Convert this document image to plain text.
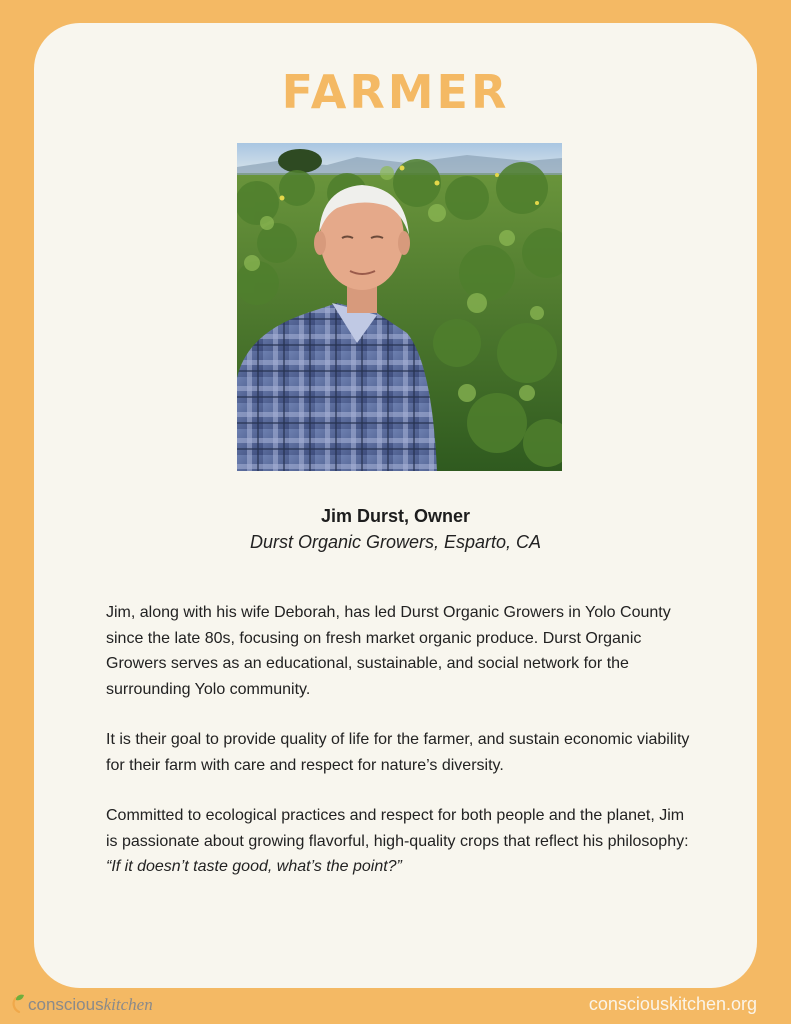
FARMER
Jim Durst, Owner
Durst Organic Growers, Esparto, CA

Jim, along with his wife Deborah, has led Durst Organic Growers in Yolo County since the late 80s, focusing on fresh market organic produce. Durst Organic Growers serves as an educational, sustainable, and social network for the surrounding Yolo community.

It is their goal to provide quality of life for the farmer, and sustain economic viability for their farm with care and respect for nature’s diversity.

Committed to ecological practices and respect for both people and the planet, Jim is passionate about growing flavorful, high-quality crops that reflect his philosophy: “If it doesn’t taste good, what’s the point?”

conscious kitchen	consciouskitchen.org
